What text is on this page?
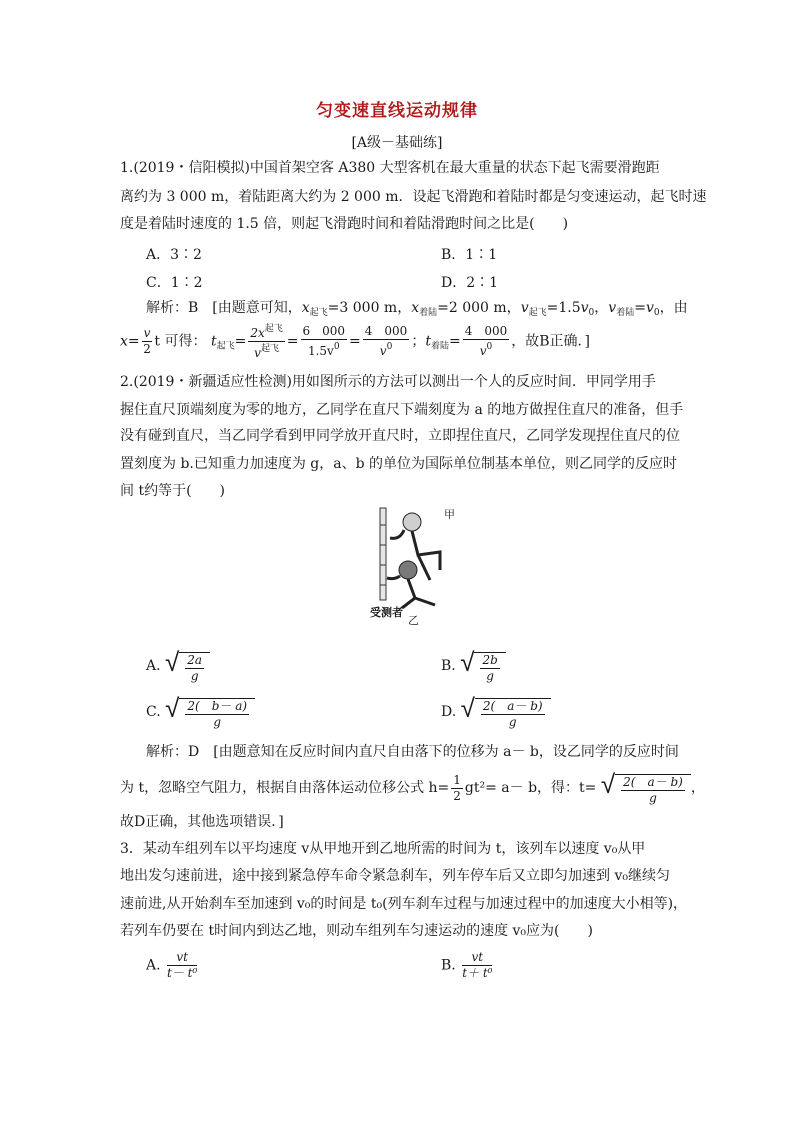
匀变速直线运动规律
[A级－基础练]
1.(2019・信阳模拟)中国首架空客 A380 大型客机在最大重量的状态下起飞需要滑跑距
离约为 3 000 m，着陆距离大约为 2 000 m．设起飞滑跑和着陆时都是匀变速运动，起飞时速
度是着陆时速度的 1.5 倍，则起飞滑跑时间和着陆滑跑时间之比是(　　)
A．3∶2	B．1∶1
C．1∶2	D．2∶1
解析：B　[由题意可知，$x_{起飞}=3$ 000 m，$x_{着陆}=2$ 000 m，$v_{起飞}=1.5v_0$，$v_{着陆}=v_0$，由
$x= \frac{v}{2}$ t 可得： $t_{起飞}= \frac{2x^{起飞}}{v^{起飞}} = \frac{6 000}{1.5v^0} = \frac{4 000}{v^0}$ ；$t_{着陆}= \frac{4 000}{v^0}$ ，故B正确．]
2.(2019・新疆适应性检测)用如图所示的方法可以测出一个人的反应时间．甲同学用手
握住直尺顶端刻度为零的地方，乙同学在直尺下端刻度为 a 的地方做捏住直尺的准备，但手
没有碰到直尺，当乙同学看到甲同学放开直尺时，立即捏住直尺，乙同学发现捏住直尺的位
置刻度为 b.已知重力加速度为 g，a、b 的单位为国际单位制基本单位，则乙同学的反应时
间 t约等于(　　)
甲
受测者
乙
A. √ $\frac{2a}{g}$	B. √ $\frac{2b}{g}$
C. √ $\frac{2( b- a)}{g}$	D. √ $\frac{2( a- b)}{g}$
解析：D　[由题意知在反应时间内直尺自由落下的位移为 a－ b，设乙同学的反应时间
为 t，忽略空气阻力，根据自由落体运动位移公式 $h= \frac{1}{2} gt^2= a- b$，得：t= √ $\frac{2( a- b)}{g}$ ，
故D正确，其他选项错误．]
3．某动车组列车以平均速度 v从甲地开到乙地所需的时间为 t，该列车以速度 v₀从甲
地出发匀速前进，途中接到紧急停车命令紧急刹车，列车停车后又立即匀加速到 v₀继续匀
速前进,从开始刹车至加速到 v₀的时间是 t₀(列车刹车过程与加速过程中的加速度大小相等)，
若列车仍要在 t时间内到达乙地，则动车组列车匀速运动的速度 v₀应为(　　)
A. $\frac{vt}{\text{t－ t⁰}}$	B. $\frac{vt}{\text{t＋ t⁰}}$
